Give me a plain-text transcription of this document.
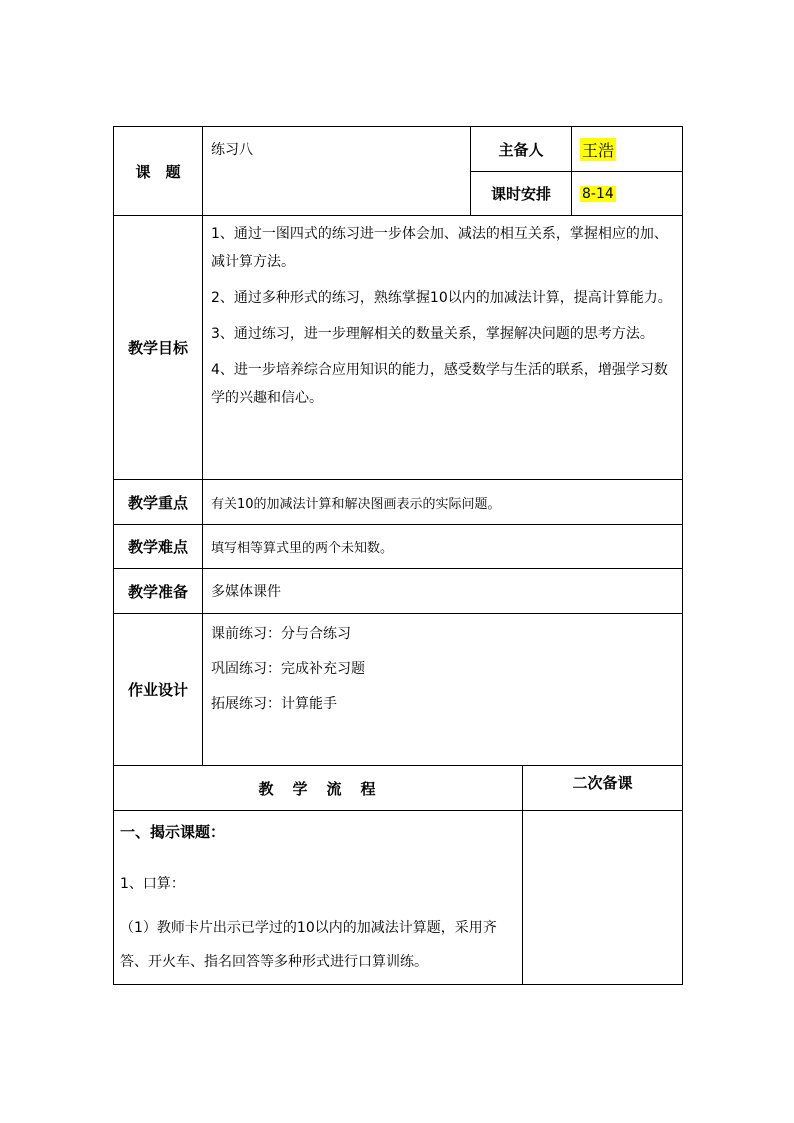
课　题	练习八	主备人	王浩
		课时安排	8-14
教学目标	1、通过一图四式的练习进一步体会加、减法的相互关系，掌握相应的加、减计算方法。

2、通过多种形式的练习，熟练掌握10以内的加减法计算，提高计算能力。

3、通过练习，进一步理解相关的数量关系，掌握解决问题的思考方法。

4、进一步培养综合应用知识的能力，感受数学与生活的联系，增强学习数学的兴趣和信心。		

教学重点	有关10的加减法计算和解决图画表示的实际问题。		
教学难点	填写相等算式里的两个未知数。		
教学准备	多媒体课件		
作业设计	课前练习：分与合练习

巩固练习：完成补充习题

拓展练习：计算能手		

教　学　流　程	二次备课

一、揭示课题：

1、口算：

（1）教师卡片出示已学过的10以内的加减法计算题，采用齐答、开火车、指名回答等多种形式进行口算训练。	
